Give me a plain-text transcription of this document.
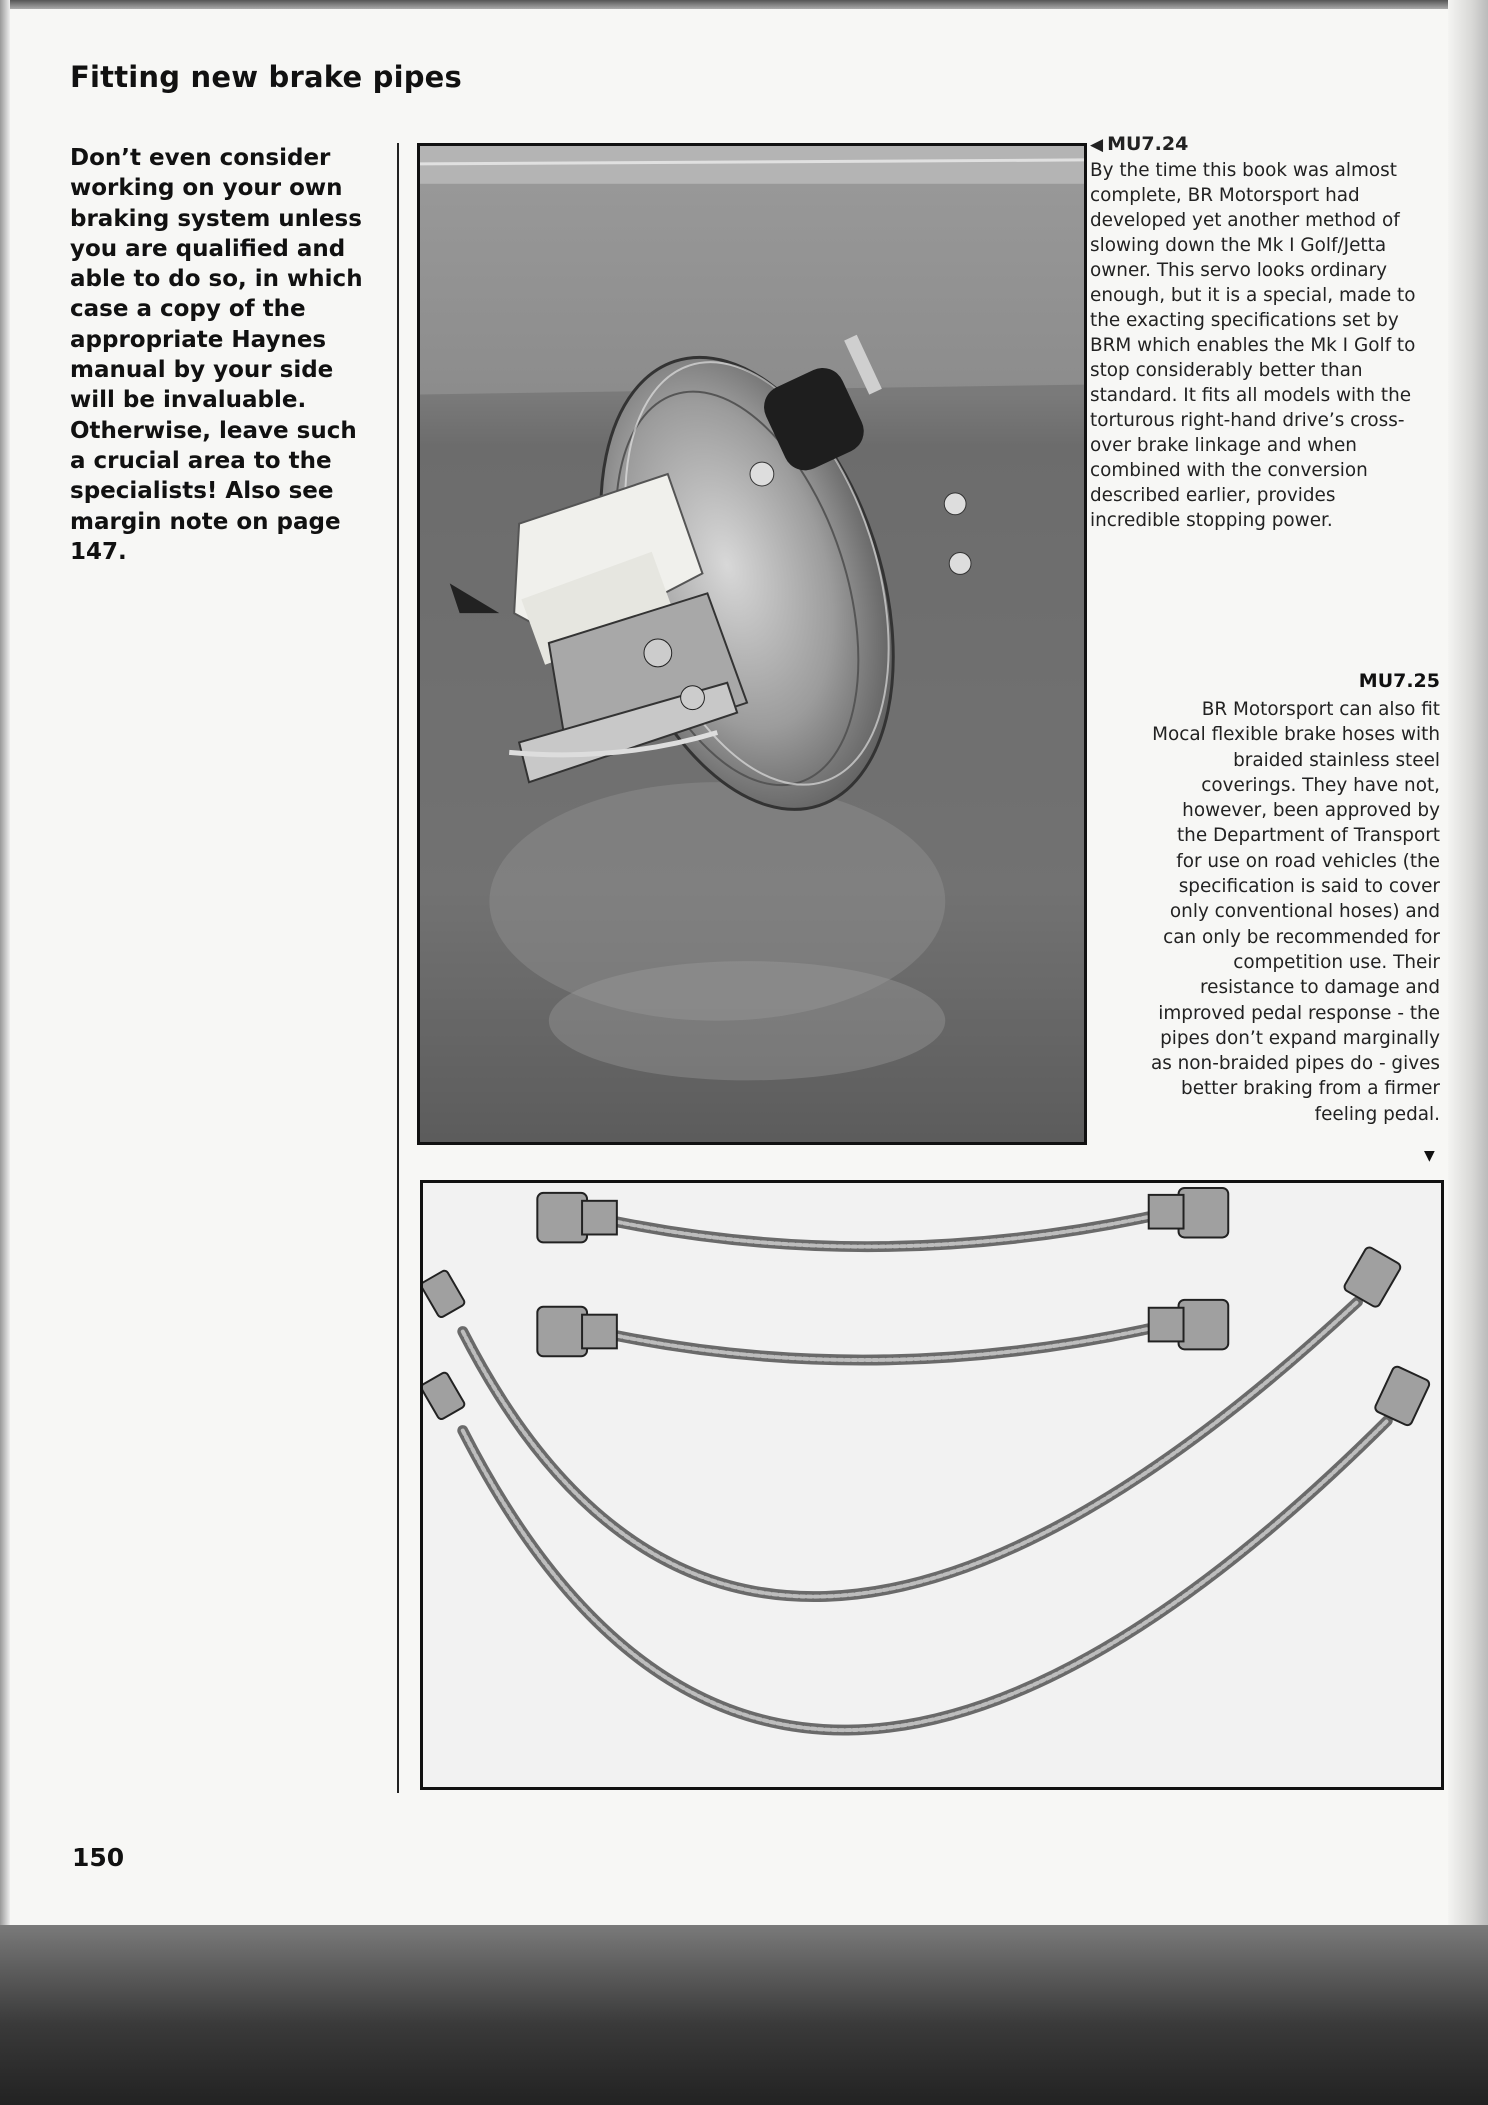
Fitting new brake pipes

Don’t even consider working on your own braking system unless you are qualified and able to do so, in which case a copy of the appropriate Haynes manual by your side will be invaluable. Otherwise, leave such a crucial area to the specialists! Also see margin note on page 147.

◀ MU7.24
By the time this book was almost complete, BR Motorsport had developed yet another method of slowing down the Mk I Golf/Jetta owner. This servo looks ordinary enough, but it is a special, made to the exacting specifications set by BRM which enables the Mk I Golf to stop considerably better than standard. It fits all models with the torturous right-hand drive’s cross-over brake linkage and when combined with the conversion described earlier, provides incredible stopping power.
MU7.25
BR Motorsport can also fit Mocal flexible brake hoses with braided stainless steel coverings. They have not, however, been approved by the Department of Transport for use on road vehicles (the specification is said to cover only conventional hoses) and can only be recommended for competition use. Their resistance to damage and improved pedal response - the pipes don’t expand marginally as non-braided pipes do - gives better braking from a firmer feeling pedal.
▼
150
